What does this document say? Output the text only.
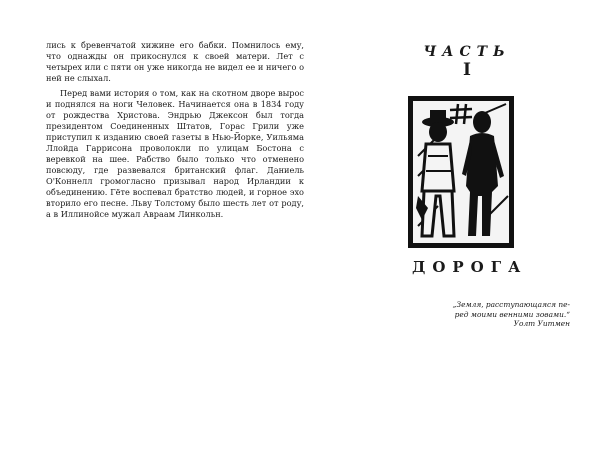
лись к бревенчатой хижине его бабки. Помнилось ему, что однажды он прикоснулся к своей матери. Лет с четырех или с пяти он уже никогда не видел ее и ничего о ней не слыхал.

Перед вами история о том, как на скотном дворе вырос и поднялся на ноги Человек. Начинается она в 1834 году от рождества Христова. Эндрью Джексон был тогда президентом Соединенных Штатов, Горас Грили уже приступил к изданию своей газеты в Нью-Йорке, Уильяма Ллойда Гаррисона проволокли по улицам Бостона с веревкой на шее. Рабство было только что отменено повсюду, где развевался британский флаг. Даниель О'Коннелл громогласно призывал народ Ирландии к объединению. Гёте воспевал братство людей, и горное эхо вторило его песне. Льву Толстому было шесть лет от роду, а в Иллинойсе мужал Авраам Линкольн.

ЧАСТЬ
I
ДОРОГА
„Земля, расступающаяся пе-
ред моими венними зовами.“
Уолт Уитмен
